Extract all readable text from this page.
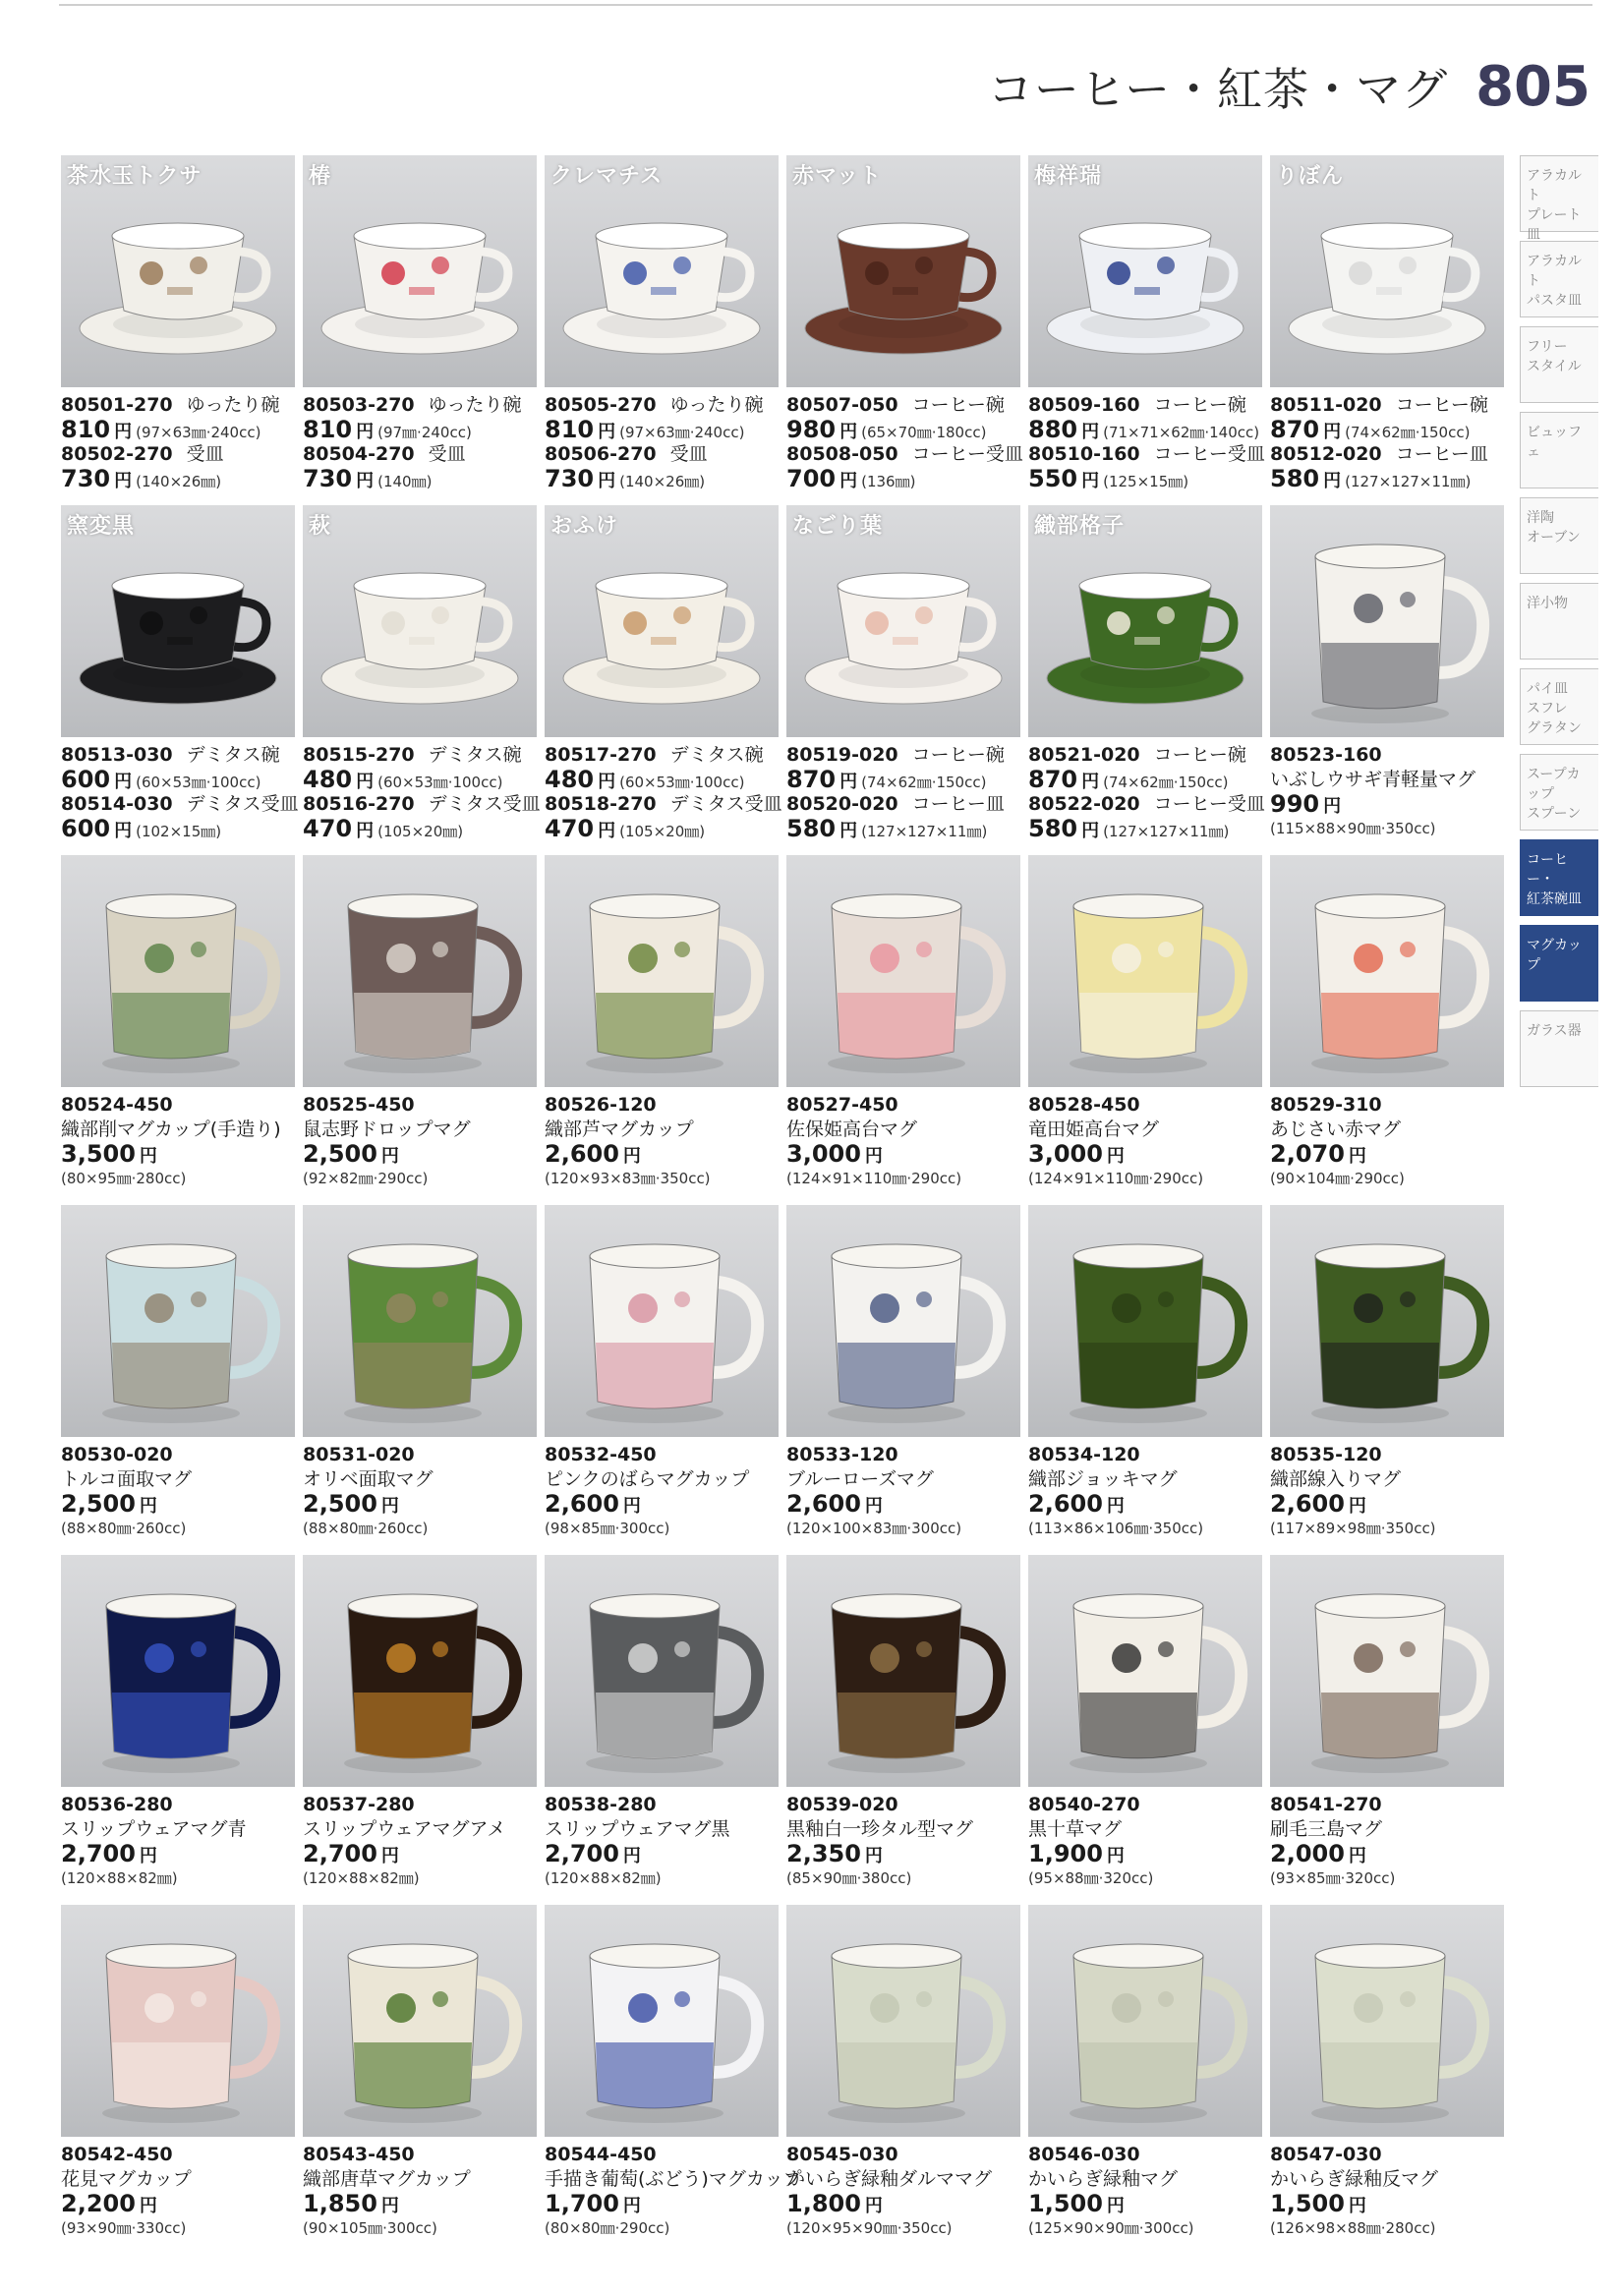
コーヒー・紅茶・マグ 805
茶水玉トクサ
80501-270 ゆったり碗
810 円 (97×63㎜·240cc)
80502-270 受皿
730 円 (140×26㎜)
椿
80503-270 ゆったり碗
810 円 (97㎜·240cc)
80504-270 受皿
730 円 (140㎜)
クレマチス
80505-270 ゆったり碗
810 円 (97×63㎜·240cc)
80506-270 受皿
730 円 (140×26㎜)
赤マット
80507-050 コーヒー碗
980 円 (65×70㎜·180cc)
80508-050 コーヒー受皿
700 円 (136㎜)
梅祥瑞
80509-160 コーヒー碗
880 円 (71×71×62㎜·140cc)
80510-160 コーヒー受皿
550 円 (125×15㎜)
りぼん
80511-020 コーヒー碗
870 円 (74×62㎜·150cc)
80512-020 コーヒー皿
580 円 (127×127×11㎜)
窯変黒
80513-030 デミタス碗
600 円 (60×53㎜·100cc)
80514-030 デミタス受皿
600 円 (102×15㎜)
萩
80515-270 デミタス碗
480 円 (60×53㎜·100cc)
80516-270 デミタス受皿
470 円 (105×20㎜)
おふけ
80517-270 デミタス碗
480 円 (60×53㎜·100cc)
80518-270 デミタス受皿
470 円 (105×20㎜)
なごり葉
80519-020 コーヒー碗
870 円 (74×62㎜·150cc)
80520-020 コーヒー皿
580 円 (127×127×11㎜)
織部格子
80521-020 コーヒー碗
870 円 (74×62㎜·150cc)
80522-020 コーヒー受皿
580 円 (127×127×11㎜)
80523-160
いぶしウサギ青軽量マグ
990 円
(115×88×90㎜·350cc)
80524-450
織部削マグカップ(手造り)
3,500 円
(80×95㎜·280cc)
80525-450
鼠志野ドロップマグ
2,500 円
(92×82㎜·290cc)
80526-120
織部芦マグカップ
2,600 円
(120×93×83㎜·350cc)
80527-450
佐保姫高台マグ
3,000 円
(124×91×110㎜·290cc)
80528-450
竜田姫高台マグ
3,000 円
(124×91×110㎜·290cc)
80529-310
あじさい赤マグ
2,070 円
(90×104㎜·290cc)
80530-020
トルコ面取マグ
2,500 円
(88×80㎜·260cc)
80531-020
オリベ面取マグ
2,500 円
(88×80㎜·260cc)
80532-450
ピンクのばらマグカップ
2,600 円
(98×85㎜·300cc)
80533-120
ブルーローズマグ
2,600 円
(120×100×83㎜·300cc)
80534-120
織部ジョッキマグ
2,600 円
(113×86×106㎜·350cc)
80535-120
織部線入りマグ
2,600 円
(117×89×98㎜·350cc)
80536-280
スリップウェアマグ青
2,700 円
(120×88×82㎜)
80537-280
スリップウェアマグアメ
2,700 円
(120×88×82㎜)
80538-280
スリップウェアマグ黒
2,700 円
(120×88×82㎜)
80539-020
黒釉白一珍タル型マグ
2,350 円
(85×90㎜·380cc)
80540-270
黒十草マグ
1,900 円
(95×88㎜·320cc)
80541-270
刷毛三島マグ
2,000 円
(93×85㎜·320cc)
80542-450
花見マグカップ
2,200 円
(93×90㎜·330cc)
80543-450
織部唐草マグカップ
1,850 円
(90×105㎜·300cc)
80544-450
手描き葡萄(ぶどう)マグカップ
1,700 円
(80×80㎜·290cc)
80545-030
かいらぎ緑釉ダルママグ
1,800 円
(120×95×90㎜·350cc)
80546-030
かいらぎ緑釉マグ
1,500 円
(125×90×90㎜·300cc)
80547-030
かいらぎ緑釉反マグ
1,500 円
(126×98×88㎜·280cc)
アラカルト
プレート皿
アラカルト
パスタ皿
フリー
スタイル
ビュッフェ
洋陶
オーブン
洋小物
パイ皿
スフレ
グラタン
スープカップ
スプーン
コーヒー・
紅茶碗皿
マグカップ
ガラス器
